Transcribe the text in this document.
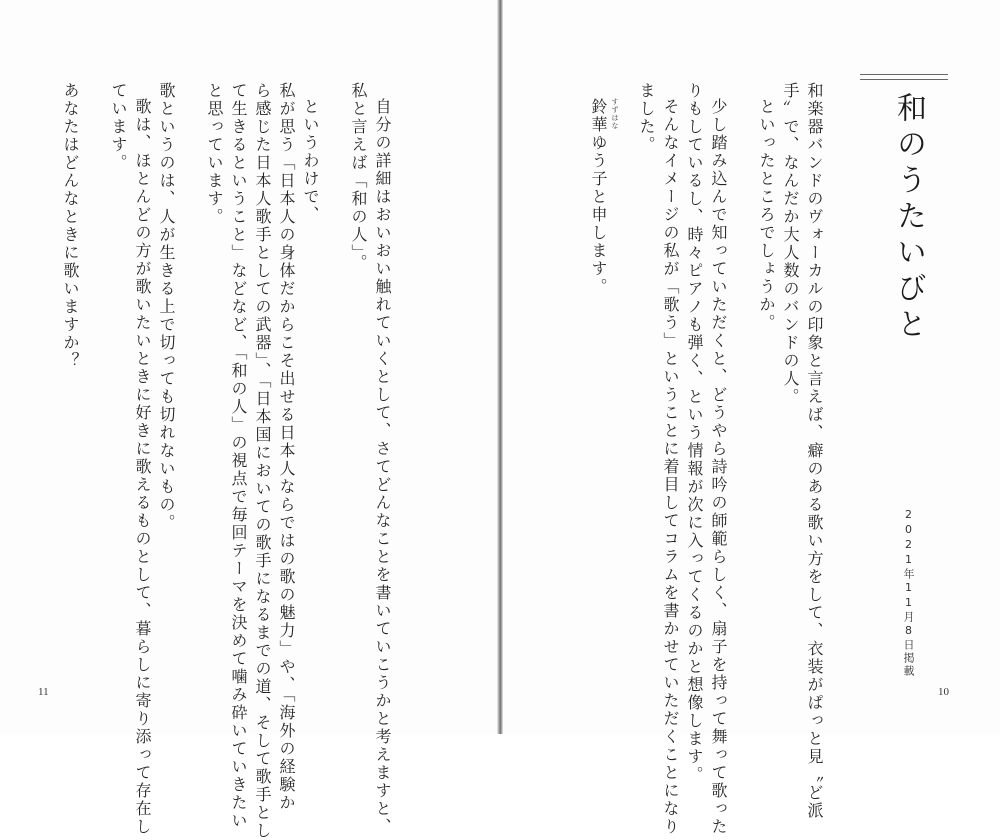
和のうたいびと

2021年11月8日掲載

和楽器バンドのヴォーカルの印象と言えば、癖のある歌い方をして、衣装がぱっと見〝ど派

手〟で、なんだか大人数のバンドの人。

といったところでしょうか。

少し踏み込んで知っていただくと、どうやら詩吟の師範らしく、扇子を持って舞って歌った

りもしているし、時々ピアノも弾く、という情報が次に入ってくるのかと想像します。

そんなイメージの私が「歌う」ということに着目してコラムを書かせていただくことになり

ました。

鈴華ゆう子と申します。 すずはな

10

自分の詳細はおいおい触れていくとして、さてどんなことを書いていこうかと考えますと、

私と言えば「和の人」。

というわけで、

私が思う「日本人の身体だからこそ出せる日本人ならではの歌の魅力」や、「海外の経験か

ら感じた日本人歌手としての武器」、「日本国においての歌手になるまでの道、そして歌手とし

て生きるということ」などなど、「和の人」の視点で毎回テーマを決めて噛み砕いていきたい

と思っています。

歌というのは、人が生きる上で切っても切れないもの。

歌は、ほとんどの方が歌いたいときに好きに歌えるものとして、暮らしに寄り添って存在し

ています。

あなたはどんなときに歌いますか？

11
